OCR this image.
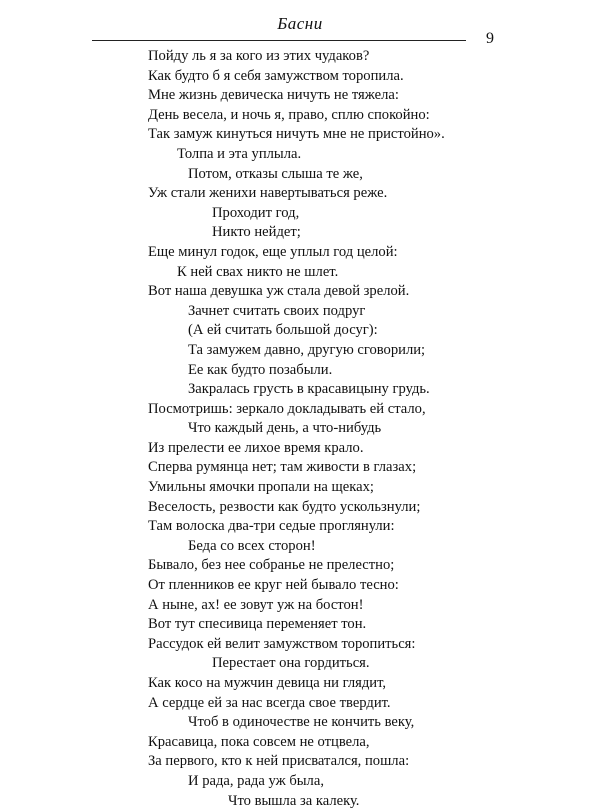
Басни
9
Пойду ль я за кого из этих чудаков?
Как будто б я себя замужством торопила.
Мне жизнь девическа ничуть не тяжела:
День весела, и ночь я, право, сплю спокойно:
Так замуж кинуться ничуть мне не пристойно».
Толпа и эта уплыла.
Потом, отказы слыша те же,
Уж стали женихи навертываться реже.
Проходит год,
Никто нейдет;
Еще минул годок, еще уплыл год целой:
К ней свах никто не шлет.
Вот наша девушка уж стала девой зрелой.
Зачнет считать своих подруг
(А ей считать большой досуг):
Та замужем давно, другую сговорили;
Ее как будто позабыли.
Закралась грусть в красавицыну грудь.
Посмотришь: зеркало докладывать ей стало,
Что каждый день, а что-нибудь
Из прелести ее лихое время крало.
Сперва румянца нет; там живости в глазах;
Умильны ямочки пропали на щеках;
Веселость, резвости как будто ускользнули;
Там волоска два-три седые проглянули:
Беда со всех сторон!
Бывало, без нее собранье не прелестно;
От пленников ее круг ней бывало тесно:
А ныне, ах! ее зовут уж на бостон!
Вот тут спесивица переменяет тон.
Рассудок ей велит замужством торопиться:
Перестает она гордиться.
Как косо на мужчин девица ни глядит,
А сердце ей за нас всегда свое твердит.
Чтоб в одиночестве не кончить веку,
Красавица, пока совсем не отцвела,
За первого, кто к ней присватался, пошла:
И рада, рада уж была,
Что вышла за калеку.
